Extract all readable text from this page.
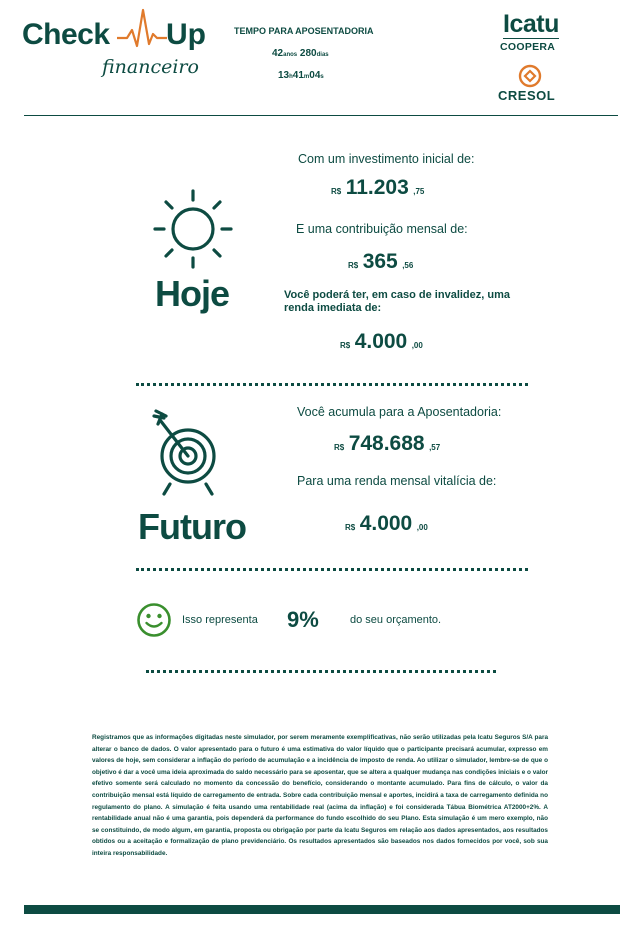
Check Up
financeiro
TEMPO PARA APOSENTADORIA
42anos 280dias
13h41m04s
Icatu
COOPERA
CRESOL
Hoje
Com um investimento inicial de:
R$ 11.203 ,75
E uma contribuição mensal de:
R$ 365 ,56
Você poderá ter, em caso de invalidez, uma renda imediata de:
R$ 4.000 ,00
Futuro
Você acumula para a Aposentadoria:
R$ 748.688 ,57
Para uma renda mensal vitalícia de:
R$ 4.000 ,00
Isso representa 9%	do seu orçamento.
Registramos que as informações digitadas neste simulador, por serem meramente exemplificativas, não serão utilizadas pela Icatu Seguros S/A para alterar o banco de dados. O valor apresentado para o futuro é uma estimativa do valor líquido que o participante precisará acumular, expresso em valores de hoje, sem considerar a inflação do período de acumulação e a incidência de imposto de renda. Ao utilizar o simulador, lembre-se de que o objetivo é dar a você uma ideia aproximada do saldo necessário para se aposentar, que se altera a qualquer mudança nas condições iniciais e o valor efetivo somente será calculado no momento da concessão do benefício, considerando o montante acumulado. Para fins de cálculo, o valor da contribuição mensal está líquido de carregamento de entrada. Sobre cada contribuição mensal e aportes, incidirá a taxa de carregamento definida no regulamento do plano. A simulação é feita usando uma rentabilidade real (acima da inflação) e foi considerada Tábua Biométrica AT2000+2%. A rentabilidade anual não é uma garantia, pois dependerá da performance do fundo escolhido do seu Plano. Esta simulação é um mero exemplo, não se constituindo, de modo algum, em garantia, proposta ou obrigação por parte da Icatu Seguros em relação aos dados apresentados, aos resultados obtidos ou a aceitação e formalização de plano previdenciário. Os resultados apresentados são baseados nos dados fornecidos por você, sob sua inteira responsabilidade.
